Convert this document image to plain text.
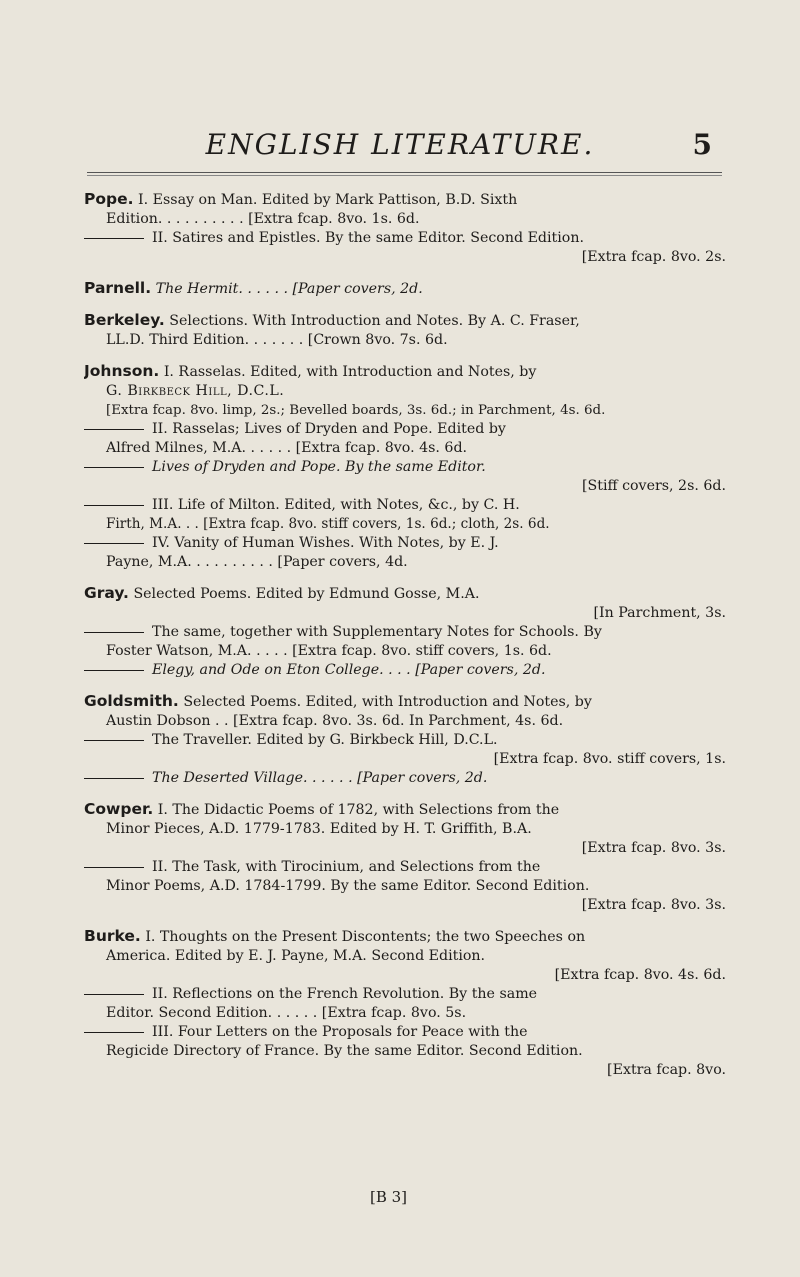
ENGLISH LITERATURE.	5
Pope. I. Essay on Man. Edited by Mark Pattison, B.D. Sixth
Edition. . . . . . . . . . [Extra fcap. 8vo. 1s. 6d.
II. Satires and Epistles. By the same Editor. Second Edition.
[Extra fcap. 8vo. 2s.
Parnell. The Hermit. . . . . . [Paper covers, 2d.
Berkeley. Selections. With Introduction and Notes. By A. C. Fraser,
LL.D. Third Edition. . . . . . . [Crown 8vo. 7s. 6d.
Johnson. I. Rasselas. Edited, with Introduction and Notes, by
G. Birkbeck Hill, D.C.L.
[Extra fcap. 8vo. limp, 2s.; Bevelled boards, 3s. 6d.; in Parchment, 4s. 6d.
II. Rasselas; Lives of Dryden and Pope. Edited by
Alfred Milnes, M.A. . . . . . [Extra fcap. 8vo. 4s. 6d.
Lives of Dryden and Pope. By the same Editor.
[Stiff covers, 2s. 6d.
III. Life of Milton. Edited, with Notes, &c., by C. H.
Firth, M.A. . . [Extra fcap. 8vo. stiff covers, 1s. 6d.; cloth, 2s. 6d.
IV. Vanity of Human Wishes. With Notes, by E. J.
Payne, M.A. . . . . . . . . . [Paper covers, 4d.
Gray. Selected Poems. Edited by Edmund Gosse, M.A.
[In Parchment, 3s.
The same, together with Supplementary Notes for Schools. By
Foster Watson, M.A. . . . . [Extra fcap. 8vo. stiff covers, 1s. 6d.
Elegy, and Ode on Eton College. . . . [Paper covers, 2d.
Goldsmith. Selected Poems. Edited, with Introduction and Notes, by
Austin Dobson . . [Extra fcap. 8vo. 3s. 6d. In Parchment, 4s. 6d.
The Traveller. Edited by G. Birkbeck Hill, D.C.L.
[Extra fcap. 8vo. stiff covers, 1s.
The Deserted Village. . . . . . [Paper covers, 2d.
Cowper. I. The Didactic Poems of 1782, with Selections from the
Minor Pieces, A.D. 1779-1783. Edited by H. T. Griffith, B.A.
[Extra fcap. 8vo. 3s.
II. The Task, with Tirocinium, and Selections from the
Minor Poems, A.D. 1784-1799. By the same Editor. Second Edition.
[Extra fcap. 8vo. 3s.
Burke. I. Thoughts on the Present Discontents; the two Speeches on
America. Edited by E. J. Payne, M.A. Second Edition.
[Extra fcap. 8vo. 4s. 6d.
II. Reflections on the French Revolution. By the same
Editor. Second Edition. . . . . . [Extra fcap. 8vo. 5s.
III. Four Letters on the Proposals for Peace with the
Regicide Directory of France. By the same Editor. Second Edition.
[Extra fcap. 8vo.
[B 3]
